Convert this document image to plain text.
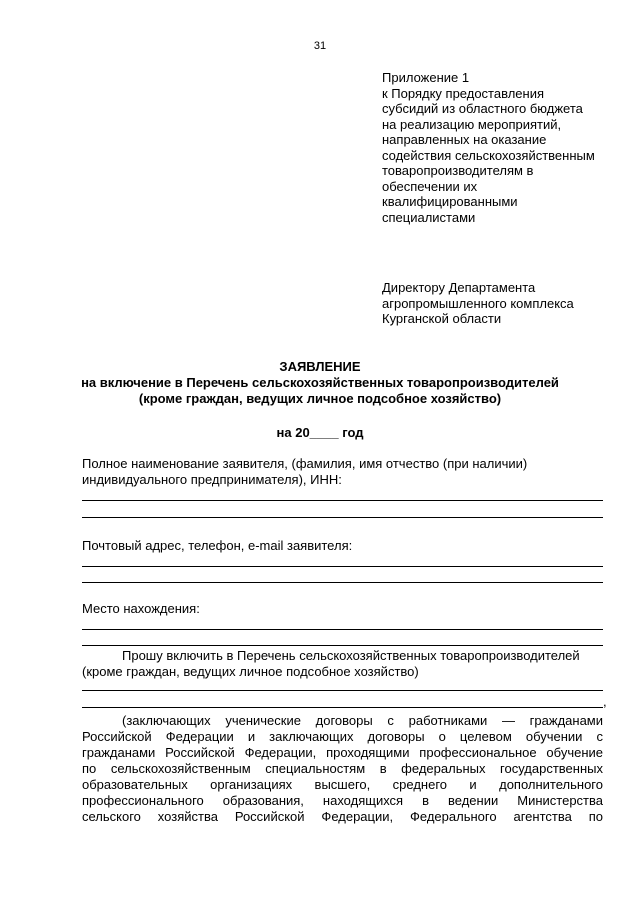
31
Приложение 1
к Порядку предоставления
субсидий из областного бюджета
на реализацию мероприятий,
направленных на оказание
содействия сельскохозяйственным
товаропроизводителям в
обеспечении их
квалифицированными
специалистами
Директору Департамента
агропромышленного комплекса
Курганской области
ЗАЯВЛЕНИЕ
на включение в Перечень сельскохозяйственных товаропроизводителей
(кроме граждан, ведущих личное подсобное хозяйство)
на 20____ год
Полное наименование заявителя, (фамилия, имя отчество (при наличии)
индивидуального предпринимателя), ИНН:
Почтовый адрес, телефон, e-mail заявителя:
Место нахождения:
Прошу включить в Перечень сельскохозяйственных товаропроизводителей
(кроме граждан, ведущих личное подсобное хозяйство)
,
(заключающих ученические договоры с работниками — гражданами
Российской Федерации и заключающих договоры о целевом обучении с
гражданами Российской Федерации, проходящими профессиональное обучение
по сельскохозяйственным специальностям в федеральных государственных
образовательных организациях высшего, среднего и дополнительного
профессионального образования, находящихся в ведении Министерства
сельского хозяйства Российской Федерации, Федерального агентства по
